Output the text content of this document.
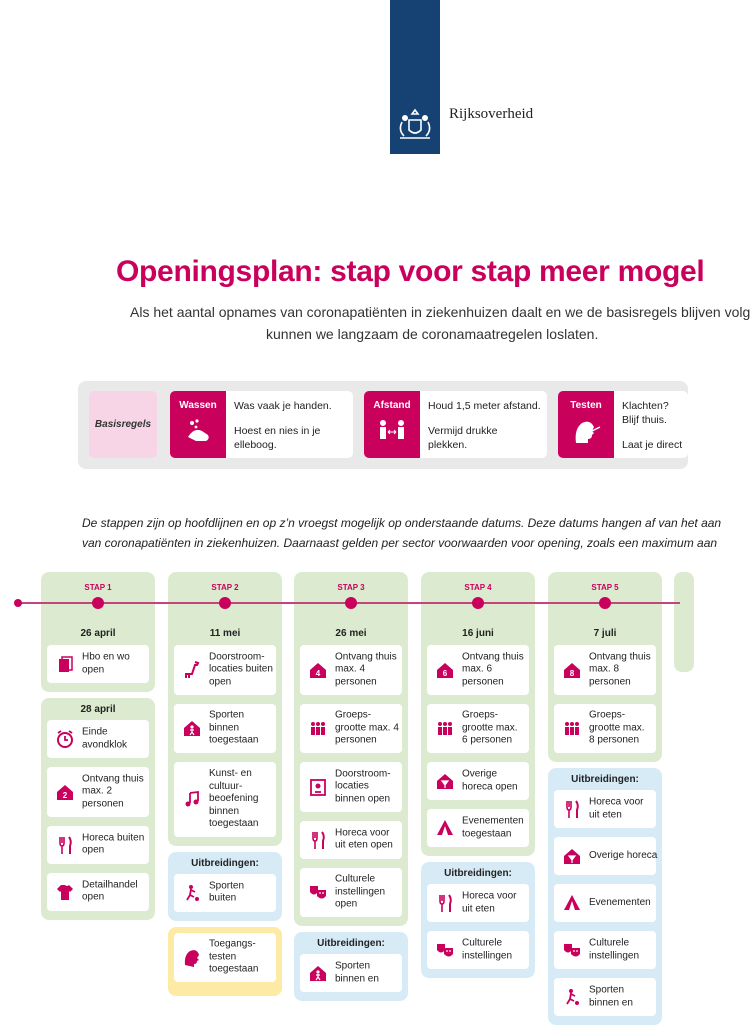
Rijksoverheid
Openingsplan: stap voor stap meer mogel
Als het aantal opnames van coronapatiënten in ziekenhuizen daalt en we de basisregels blijven volg
kunnen we langzaam de coronamaatregelen loslaten.
Basisregels
Wassen	Was vaak je handen.
Hoest en nies in je
elleboog.
Afstand	Houd 1,5 meter afstand.
Vermijd drukke
plekken.
Testen	Klachten?
Blijf thuis.
Laat je direct
De stappen zijn op hoofdlijnen en op z’n vroegst mogelijk op onderstaande datums. Deze datums hangen af van het aan
van coronapatiënten in ziekenhuizen. Daarnaast gelden per sector voorwaarden voor opening, zoals een maximum aan
STAP 1
26 april
Hbo en wo
open
28 april
Einde
avondklok
2
Ontvang thuis
max. 2
personen
Horeca buiten
open
Detailhandel
open
STAP 2
11 mei
Doorstroom-
locaties buiten
open
Sporten
binnen
toegestaan
Kunst- en
cultuur-
beoefening
binnen
toegestaan
Uitbreidingen:
Sporten
buiten
Toegangs-
testen
toegestaan
STAP 3
26 mei
4
Ontvang thuis
max. 4
personen
Groeps-
grootte max. 4
personen
Doorstroom-
locaties
binnen open
Horeca voor
uit eten open
Culturele
instellingen
open
Uitbreidingen:
Sporten
binnen en
STAP 4
16 juni
6
Ontvang thuis
max. 6
personen
Groeps-
grootte max.
6 personen
Overige
horeca open
Evenementen
toegestaan
Uitbreidingen:
Horeca voor
uit eten
Culturele
instellingen
STAP 5
7 juli
8
Ontvang thuis
max. 8
personen
Groeps-
grootte max.
8 personen
Uitbreidingen:
Horeca voor
uit eten
Overige horeca
Evenementen
Culturele
instellingen
Sporten
binnen en
